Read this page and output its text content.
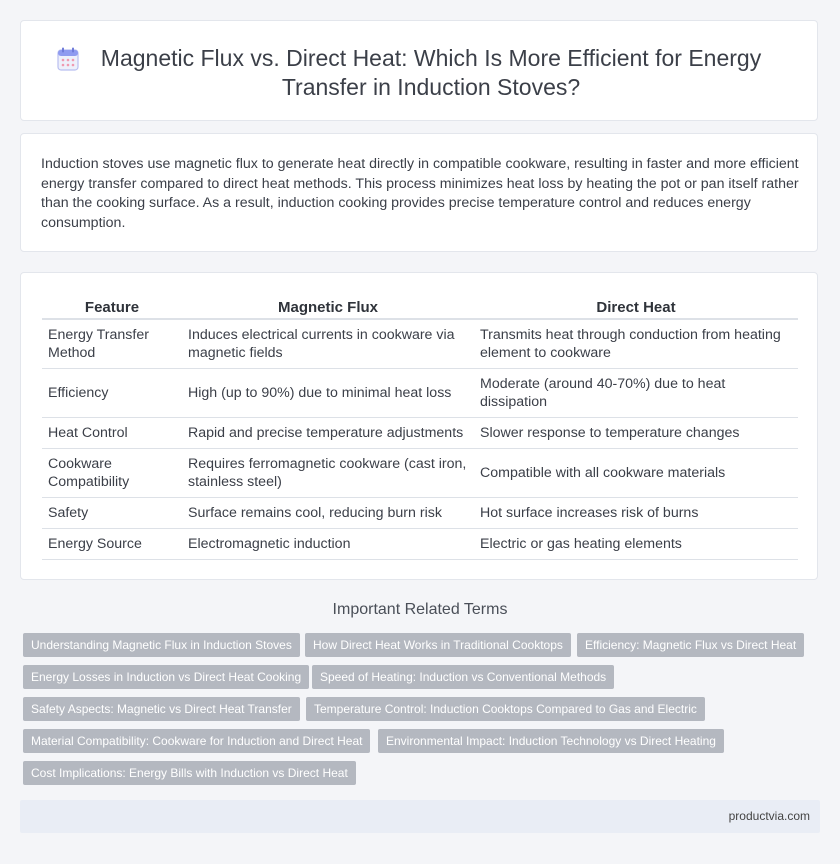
Magnetic Flux vs. Direct Heat: Which Is More Efficient for Energy Transfer in Induction Stoves?

Induction stoves use magnetic flux to generate heat directly in compatible cookware, resulting in faster and more efficient energy transfer compared to direct heat methods. This process minimizes heat loss by heating the pot or pan itself rather than the cooking surface. As a result, induction cooking provides precise temperature control and reduces energy consumption.

Feature	Magnetic Flux	Direct Heat
Energy Transfer Method	Induces electrical currents in cookware via magnetic fields	Transmits heat through conduction from heating element to cookware
Efficiency	High (up to 90%) due to minimal heat loss	Moderate (around 40-70%) due to heat dissipation
Heat Control	Rapid and precise temperature adjustments	Slower response to temperature changes
Cookware Compatibility	Requires ferromagnetic cookware (cast iron, stainless steel)	Compatible with all cookware materials
Safety	Surface remains cool, reducing burn risk	Hot surface increases risk of burns
Energy Source	Electromagnetic induction	Electric or gas heating elements
Important Related Terms
Understanding Magnetic Flux in Induction Stoves	How Direct Heat Works in Traditional Cooktops	Efficiency: Magnetic Flux vs Direct Heat
Energy Losses in Induction vs Direct Heat Cooking	Speed of Heating: Induction vs Conventional Methods
Safety Aspects: Magnetic vs Direct Heat Transfer	Temperature Control: Induction Cooktops Compared to Gas and Electric
Material Compatibility: Cookware for Induction and Direct Heat	Environmental Impact: Induction Technology vs Direct Heating
Cost Implications: Energy Bills with Induction vs Direct Heat
productvia.com
